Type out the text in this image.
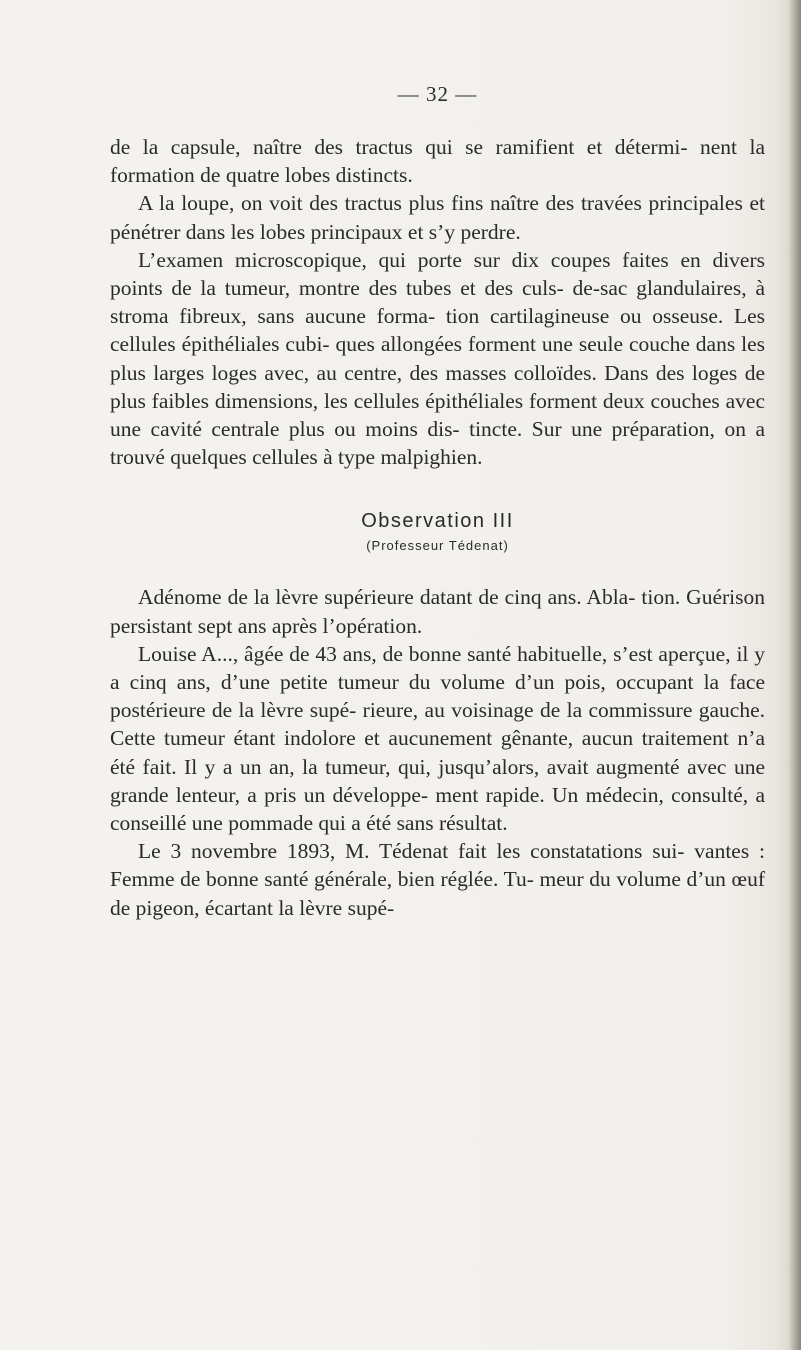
— 32 —

de la capsule, naître des tractus qui se ramifient et détermi- nent la formation de quatre lobes distincts.

A la loupe, on voit des tractus plus fins naître des travées principales et pénétrer dans les lobes principaux et s’y perdre.

L’examen microscopique, qui porte sur dix coupes faites en divers points de la tumeur, montre des tubes et des culs- de-sac glandulaires, à stroma fibreux, sans aucune forma- tion cartilagineuse ou osseuse. Les cellules épithéliales cubi- ques allongées forment une seule couche dans les plus larges loges avec, au centre, des masses colloïdes. Dans des loges de plus faibles dimensions, les cellules épithéliales forment deux couches avec une cavité centrale plus ou moins dis- tincte. Sur une préparation, on a trouvé quelques cellules à type malpighien.

Observation III
(Professeur Tédenat)

Adénome de la lèvre supérieure datant de cinq ans. Abla- tion. Guérison persistant sept ans après l’opération.

Louise A..., âgée de 43 ans, de bonne santé habituelle, s’est aperçue, il y a cinq ans, d’une petite tumeur du volume d’un pois, occupant la face postérieure de la lèvre supé- rieure, au voisinage de la commissure gauche. Cette tumeur étant indolore et aucunement gênante, aucun traitement n’a été fait. Il y a un an, la tumeur, qui, jusqu’alors, avait augmenté avec une grande lenteur, a pris un développe- ment rapide. Un médecin, consulté, a conseillé une pommade qui a été sans résultat.

Le 3 novembre 1893, M. Tédenat fait les constatations sui- vantes : Femme de bonne santé générale, bien réglée. Tu- meur du volume d’un œuf de pigeon, écartant la lèvre supé-
